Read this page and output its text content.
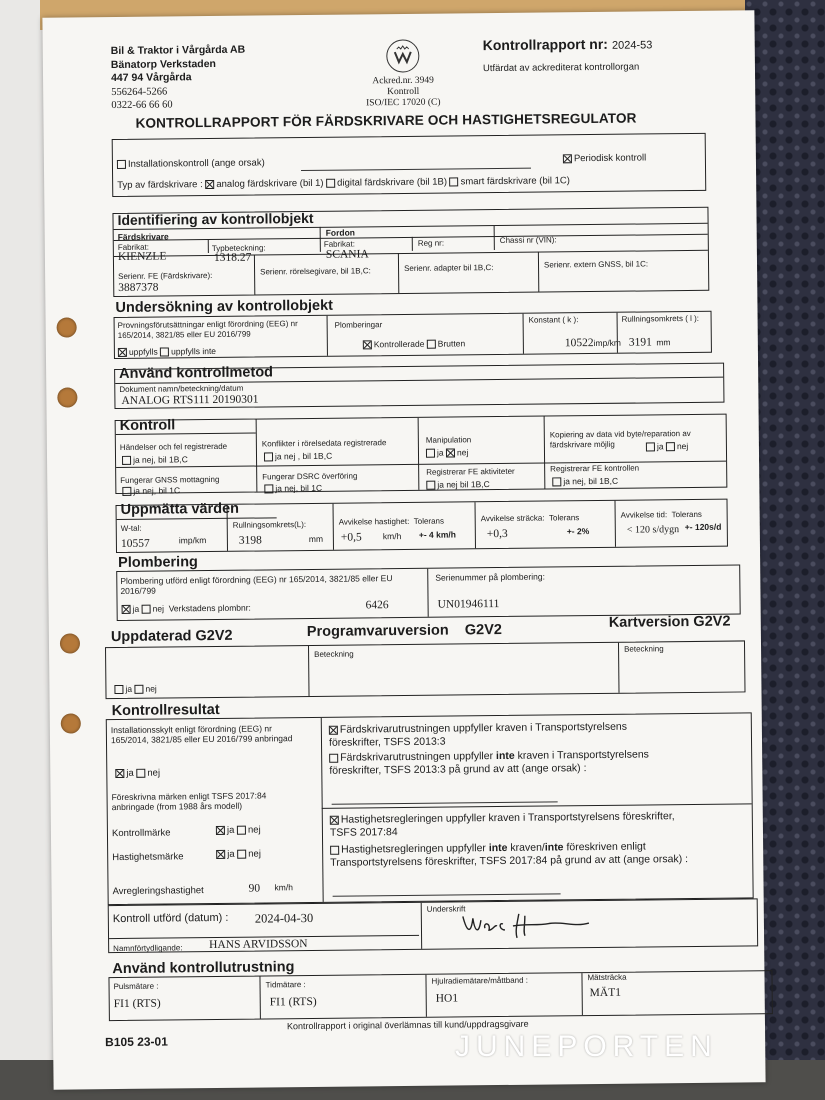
Bil & Traktor i Vårgårda AB
Bänatorp Verkstaden
447 94 Vårgårda
556264-5266
0322-66 66 60
Ackred.nr. 3949
Kontroll
ISO/IEC 17020 (C)
Kontrollrapport nr: 2024-53
Utfärdat av ackrediterat kontrollorgan
KONTROLLRAPPORT FÖR FÄRDSKRIVARE OCH HASTIGHETSREGULATOR
Installationskontroll (ange orsak)	Periodisk kontroll
Typ av färdskrivare : analog färdskrivare (bil 1) digital färdskrivare (bil 1B) smart färdskrivare (bil 1C)
Identifiering av kontrollobjekt
Färdskrivare	Fordon
Fabrikat:
KIENZLE
Typbeteckning:
1318.27
Fabrikat:
SCANIA
Reg nr:	Chassi nr (VIN):
Serienr. FE (Färdskrivare):
3887378
Serienr. rörelsegivare, bil 1B,C:	Serienr. adapter bil 1B,C:	Serienr. extern GNSS, bil 1C:
Undersökning av kontrollobjekt
Provningsförutsättningar enligt förordning (EEG) nr 165/2014, 3821/85 eller EU 2016/799
uppfylls uppfylls inte
Plomberingar
Kontrollerade Brutten
Konstant ( k ):
10522imp/km
Rullningsomkrets ( l ):
3191 mm
Använd kontrollmetod
Dokument namn/beteckning/datum
ANALOG RTS111 20190301
Kontroll
Händelser och fel registrerade
ja nej, bil 1B,C
Konflikter i rörelsedata registrerade
ja nej , bil 1B,C
Manipulation
ja nej
Kopiering av data vid byte/reparation av färdskrivare möjlig	ja nej
Fungerar GNSS mottagning
ja nej, bil 1C
Fungerar DSRC överföring
ja nej, bil 1C
Registrerar FE aktiviteter
ja nej bil 1B,C
Registrerar FE kontrollen
ja nej, bil 1B,C
Uppmätta värden
W-tal:
10557	imp/km
Rullningsomkrets(L):
3198	mm
Avvikelse hastighet: Tolerans
+0,5 km/h +- 4 km/h
Avvikelse sträcka: Tolerans
+0,3	+- 2%
Avvikelse tid: Tolerans
< 120 s/dygn +- 120s/d
Plombering
Plombering utförd enligt förordning (EEG) nr 165/2014, 3821/85 eller EU 2016/799
ja nej Verkstadens plombnr:	6426
Serienummer på plombering:
UN01946111
Uppdaterad G2V2	Programvaruversion G2V2	Kartversion G2V2
ja nej
Beteckning
Beteckning
Kontrollresultat
Installationsskylt enligt förordning (EEG) nr 165/2014, 3821/85 eller EU 2016/799 anbringad
ja nej
Föreskrivna märken enligt TSFS 2017:84 anbringade (from 1988 års modell)
Kontrollmärke	ja nej
Hastighetsmärke	ja nej
Avregleringshastighet	90 km/h
Färdskrivarutrustningen uppfyller kraven i Transportstyrelsens
föreskrifter, TSFS 2013:3
Färdskrivarutrustningen uppfyller inte kraven i Transportstyrelsens
föreskrifter, TSFS 2013:3 på grund av att (ange orsak) :
Hastighetsregleringen uppfyller kraven i Transportstyrelsens föreskrifter,
TSFS 2017:84
Hastighetsregleringen uppfyller inte kraven/inte föreskriven enligt
Transportstyrelsens föreskrifter, TSFS 2017:84 på grund av att (ange orsak) :
Kontroll utförd (datum) : 2024-04-30
Underskrift
Namnförtydligande: HANS ARVIDSSON
Använd kontrollutrustning
Pulsmätare :
FI1 (RTS)
Tidmätare :
FI1 (RTS)
Hjulradiemätare/måttband :
HO1
Mätsträcka
MÄT1
Kontrollrapport i original överlämnas till kund/uppdragsgivare
B105 23-01	JUNEPORTEN
